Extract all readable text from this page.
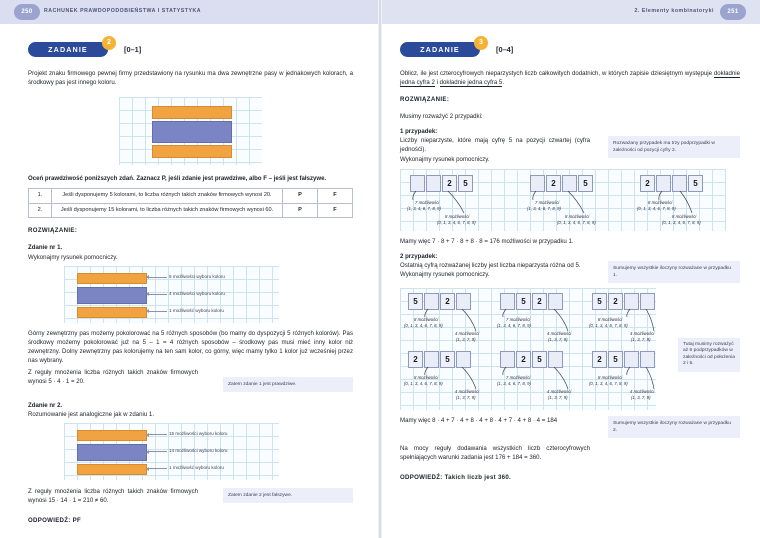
250	RACHUNEK PRAWDOPODOBIEŃSTWA I STATYSTYKA
ZADANIE
2
[0–1]
Projekt znaku firmowego pewnej firmy przedstawiony na rysunku ma dwa zewnętrzne pasy w jednakowych kolorach, a środkowy pas jest innego koloru.
Oceń prawdziwość poniższych zdań. Zaznacz P, jeśli zdanie jest prawdziwe, albo F – jeśli jest fałszywe.
1.	Jeśli dysponujemy 5 kolorami, to liczba różnych takich znaków firmowych wynosi 20.	P	F
2.	Jeśli dysponujemy 15 kolorami, to liczba różnych takich znaków firmowych wynosi 60.	P	F
ROZWIĄZANIE:
Zdanie nr 1.
Wykonajmy rysunek pomocniczy.
5 możliwości wyboru koloru
4 możliwości wyboru koloru
1 możliwość wyboru koloru
Górny zewnętrzny pas możemy pokolorować na 5 różnych sposobów (bo mamy do dyspozycji 5 różnych kolorów). Pas środkowy możemy pokolorować już na 5 – 1 = 4 różnych sposobów – środkowy pas musi mieć inny kolor niż zewnętrzny. Dolny zewnętrzny pas kolorujemy na ten sam kolor, co górny, więc mamy tylko 1 kolor już wcześniej przez nas wybrany.
Z reguły mnożenia liczba różnych takich znaków firmowych wynosi 5 · 4 · 1 = 20.	Zatem zdanie 1 jest prawdziwe.
Zdanie nr 2.
Rozumowanie jest analogiczne jak w zdaniu 1.
15 możliwości wyboru koloru
14 możliwości wyboru koloru
1 możliwość wyboru koloru
Z reguły mnożenia liczba różnych takich znaków firmowych wynosi 15 · 14 · 1 = 210 ≠ 60.
Zatem zdanie 2 jest fałszywe.
ODPOWIEDŹ: PF
251
2. Elementy kombinatoryki
ZADANIE
3
[0–4]
Oblicz, ile jest czterocyfrowych nieparzystych liczb całkowitych dodatnich, w których zapisie dziesiętnym występuje dokładnie jedna cyfra 2 i dokładnie jedna cyfra 5.
ROZWIĄZANIE:
Musimy rozważyć 2 przypadki:
1 przypadek:
Liczby nieparzyste, które mają cyfrę 5 na pozycji czwartej (cyfra jednośći).
Wykonajmy rysunek pomocniczy.
Rozważany przypadek ma trzy podprzypadki w zależności od pozycji cyfry 2.
2	5
7 możliwości
(1, 3, 4, 6, 7, 8, 9)
8 możliwości
(0, 1, 3, 4, 6, 7, 8, 9)
2	5
7 możliwości
(1, 3, 4, 6, 7, 8, 9)
8 możliwości
(0, 1, 3, 4, 6, 7, 8, 9)
2	5
8 możliwości
(0, 1, 3, 4, 6, 7, 8, 9)
8 możliwości
(0, 1, 3, 4, 6, 7, 8, 9)
Mamy więc 7 · 8 + 7 · 8 + 8 · 8 = 176 możliwości w przypadku 1.
2 przypadek:
Ostatnią cyfrą rozważanej liczby jest liczba nieparzysta różna od 5.
Wykonajmy rysunek pomocniczy.
Sumujemy wszystkie iloczyny rozważane w przypadku 1.
5	2
8 możliwości
(0, 1, 3, 4, 6, 7, 8, 9)
4 możliwości
(1, 3, 7, 9)
5	2
7 możliwości
(1, 3, 4, 6, 7, 8, 9)
4 możliwości
(1, 3, 7, 9)
5	2
8 możliwości
(0, 1, 3, 4, 6, 7, 8, 9)
4 możliwości
(1, 3, 7, 9)
2	5
8 możliwości
(0, 1, 3, 4, 6, 7, 8, 9)
4 możliwości
(1, 3, 7, 9)
2	5
7 możliwości
(1, 3, 4, 6, 7, 8, 9)
4 możliwości
(1, 3, 7, 9)
2	5
8 możliwości
(0, 1, 3, 4, 6, 7, 8, 9)
4 możliwości
(1, 3, 7, 9)
Tutaj musimy rozważyć aż 6 podprzypadków w zależności od położenia 2 i 5.
Mamy więc 8 · 4 + 7 · 4 + 8 · 4 + 8 · 4 + 7 · 4 + 8 · 4 = 184	Sumujemy wszystkie iloczyny rozważane w przypadku 2.
Na mocy reguły dodawania wszystkich liczb czterocyfrowych spełniających warunki zadania jest 176 + 184 = 360.
ODPOWIEDŹ: Takich liczb jest 360.
